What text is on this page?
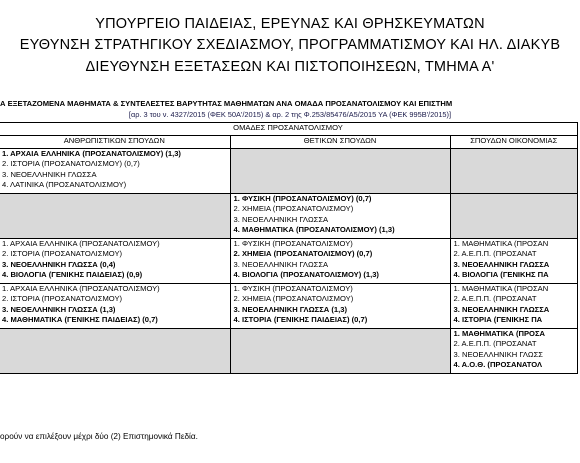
ΥΠΟΥΡΓΕΙΟ ΠΑΙΔΕΙΑΣ, ΕΡΕΥΝΑΣ ΚΑΙ ΘΡΗΣΚΕΥΜΑΤΩΝ
ΕΥΘΥΝΣΗ ΣΤΡΑΤΗΓΙΚΟΥ ΣΧΕΔΙΑΣΜΟΥ, ΠΡΟΓΡΑΜΜΑΤΙΣΜΟΥ ΚΑΙ ΗΛ. ΔΙΑΚΥΒ
ΔΙΕΥΘΥΝΣΗ ΕΞΕΤΑΣΕΩΝ ΚΑΙ ΠΙΣΤΟΠΟΙΗΣΕΩΝ, ΤΜΗΜΑ Α'
Α ΕΞΕΤΑΖΟΜΕΝΑ ΜΑΘΗΜΑΤΑ & ΣΥΝΤΕΛΕΣΤΕΣ ΒΑΡΥΤΗΤΑΣ ΜΑΘΗΜΑΤΩΝ ΑΝΑ ΟΜΑΔΑ ΠΡΟΣΑΝΑΤΟΛΙΣΜΟΥ ΚΑΙ ΕΠΙΣΤΗΜ
[αρ. 3 του ν. 4327/2015 (ΦΕΚ 50Α'/2015) & αρ. 2 της Φ.253/85476/Α5/2015 ΥΑ (ΦΕΚ 995Β'/2015)]
ΟΜΑΔΕΣ ΠΡΟΣΑΝΑΤΟΛΙΣΜΟΥ		
ΑΝΘΡΩΠΙΣΤΙΚΩΝ ΣΠΟΥΔΩΝ	ΘΕΤΙΚΩΝ ΣΠΟΥΔΩΝ	ΣΠΟΥΔΩΝ ΟΙΚΟΝΟΜΙΑΣ

1. ΑΡΧΑΙΑ ΕΛΛΗΝΙΚΑ (ΠΡΟΣΑΝΑΤΟΛΙΣΜΟΥ) (1,3)
2. ΙΣΤΟΡΙΑ (ΠΡΟΣΑΝΑΤΟΛΙΣΜΟΥ) (0,7)
3. ΝΕΟΕΛΛΗΝΙΚΗ ΓΛΩΣΣΑ
4. ΛΑΤΙΝΙΚΑ (ΠΡΟΣΑΝΑΤΟΛΙΣΜΟΥ)		

	1. ΦΥΣΙΚΗ (ΠΡΟΣΑΝΑΤΟΛΙΣΜΟΥ) (0,7)
2. ΧΗΜΕΙΑ (ΠΡΟΣΑΝΑΤΟΛΙΣΜΟΥ)
3. ΝΕΟΕΛΛΗΝΙΚΗ ΓΛΩΣΣΑ
4. ΜΑΘΗΜΑΤΙΚΑ (ΠΡΟΣΑΝΑΤΟΛΙΣΜΟΥ) (1,3)	

1. ΑΡΧΑΙΑ ΕΛΛΗΝΙΚΑ (ΠΡΟΣΑΝΑΤΟΛΙΣΜΟΥ)
2. ΙΣΤΟΡΙΑ (ΠΡΟΣΑΝΑΤΟΛΙΣΜΟΥ)
3. ΝΕΟΕΛΛΗΝΙΚΗ ΓΛΩΣΣΑ (0,4)
4. ΒΙΟΛΟΓΙΑ (ΓΕΝΙΚΗΣ ΠΑΙΔΕΙΑΣ) (0,9)	1. ΦΥΣΙΚΗ (ΠΡΟΣΑΝΑΤΟΛΙΣΜΟΥ)
2. ΧΗΜΕΙΑ (ΠΡΟΣΑΝΑΤΟΛΙΣΜΟΥ) (0,7)
3. ΝΕΟΕΛΛΗΝΙΚΗ ΓΛΩΣΣΑ
4. ΒΙΟΛΟΓΙΑ (ΠΡΟΣΑΝΑΤΟΛΙΣΜΟΥ) (1,3)	1. ΜΑΘΗΜΑΤΙΚΑ (ΠΡΟΣΑΝ
2. Α.Ε.Π.Π. (ΠΡΟΣΑΝΑΤ
3. ΝΕΟΕΛΛΗΝΙΚΗ ΓΛΩΣΣΑ
4. ΒΙΟΛΟΓΙΑ (ΓΕΝΙΚΗΣ ΠΑ

1. ΑΡΧΑΙΑ ΕΛΛΗΝΙΚΑ (ΠΡΟΣΑΝΑΤΟΛΙΣΜΟΥ)
2. ΙΣΤΟΡΙΑ (ΠΡΟΣΑΝΑΤΟΛΙΣΜΟΥ)
3. ΝΕΟΕΛΛΗΝΙΚΗ ΓΛΩΣΣΑ (1,3)
4. ΜΑΘΗΜΑΤΙΚΑ (ΓΕΝΙΚΗΣ ΠΑΙΔΕΙΑΣ) (0,7)	1. ΦΥΣΙΚΗ (ΠΡΟΣΑΝΑΤΟΛΙΣΜΟΥ)
2. ΧΗΜΕΙΑ (ΠΡΟΣΑΝΑΤΟΛΙΣΜΟΥ)
3. ΝΕΟΕΛΛΗΝΙΚΗ ΓΛΩΣΣΑ (1,3)
4. ΙΣΤΟΡΙΑ (ΓΕΝΙΚΗΣ ΠΑΙΔΕΙΑΣ) (0,7)	1. ΜΑΘΗΜΑΤΙΚΑ (ΠΡΟΣΑΝ
2. Α.Ε.Π.Π. (ΠΡΟΣΑΝΑΤ
3. ΝΕΟΕΛΛΗΝΙΚΗ ΓΛΩΣΣΑ
4. ΙΣΤΟΡΙΑ (ΓΕΝΙΚΗΣ ΠΑ

		1. ΜΑΘΗΜΑΤΙΚΑ (ΠΡΟΣΑ
2. Α.Ε.Π.Π. (ΠΡΟΣΑΝΑΤ
3. ΝΕΟΕΛΛΗΝΙΚΗ ΓΛΩΣΣ
4. Α.Ο.Θ. (ΠΡΟΣΑΝΑΤΟΛ
ορούν να επιλέξουν μέχρι δύο (2) Επιστημονικά Πεδία.
